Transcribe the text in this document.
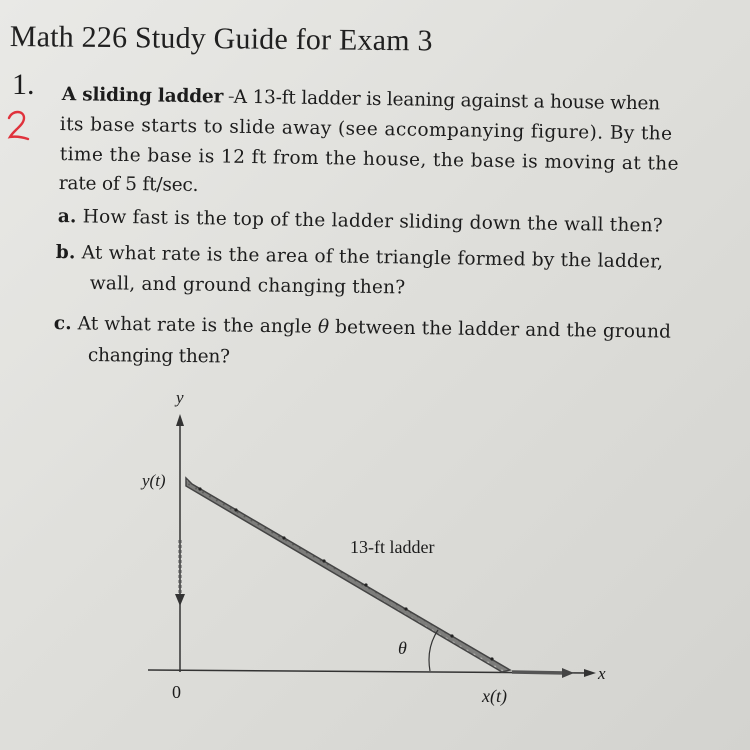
Math 226 Study Guide for Exam 3
1. A sliding ladder     A 13-ft ladder is leaning against a house when
its base starts to slide away (see accompanying figure). By the
time the base is 12 ft from the house, the base is moving at the
rate of 5 ft/sec.
a. How fast is the top of the ladder sliding down the wall then?
b. At what rate is the area of the triangle formed by the ladder,
wall, and ground changing then?
c. At what rate is the angle θ between the ladder and the ground
changing then?
y
x
0
y(t)
x(t)
13-ft ladder
θ
